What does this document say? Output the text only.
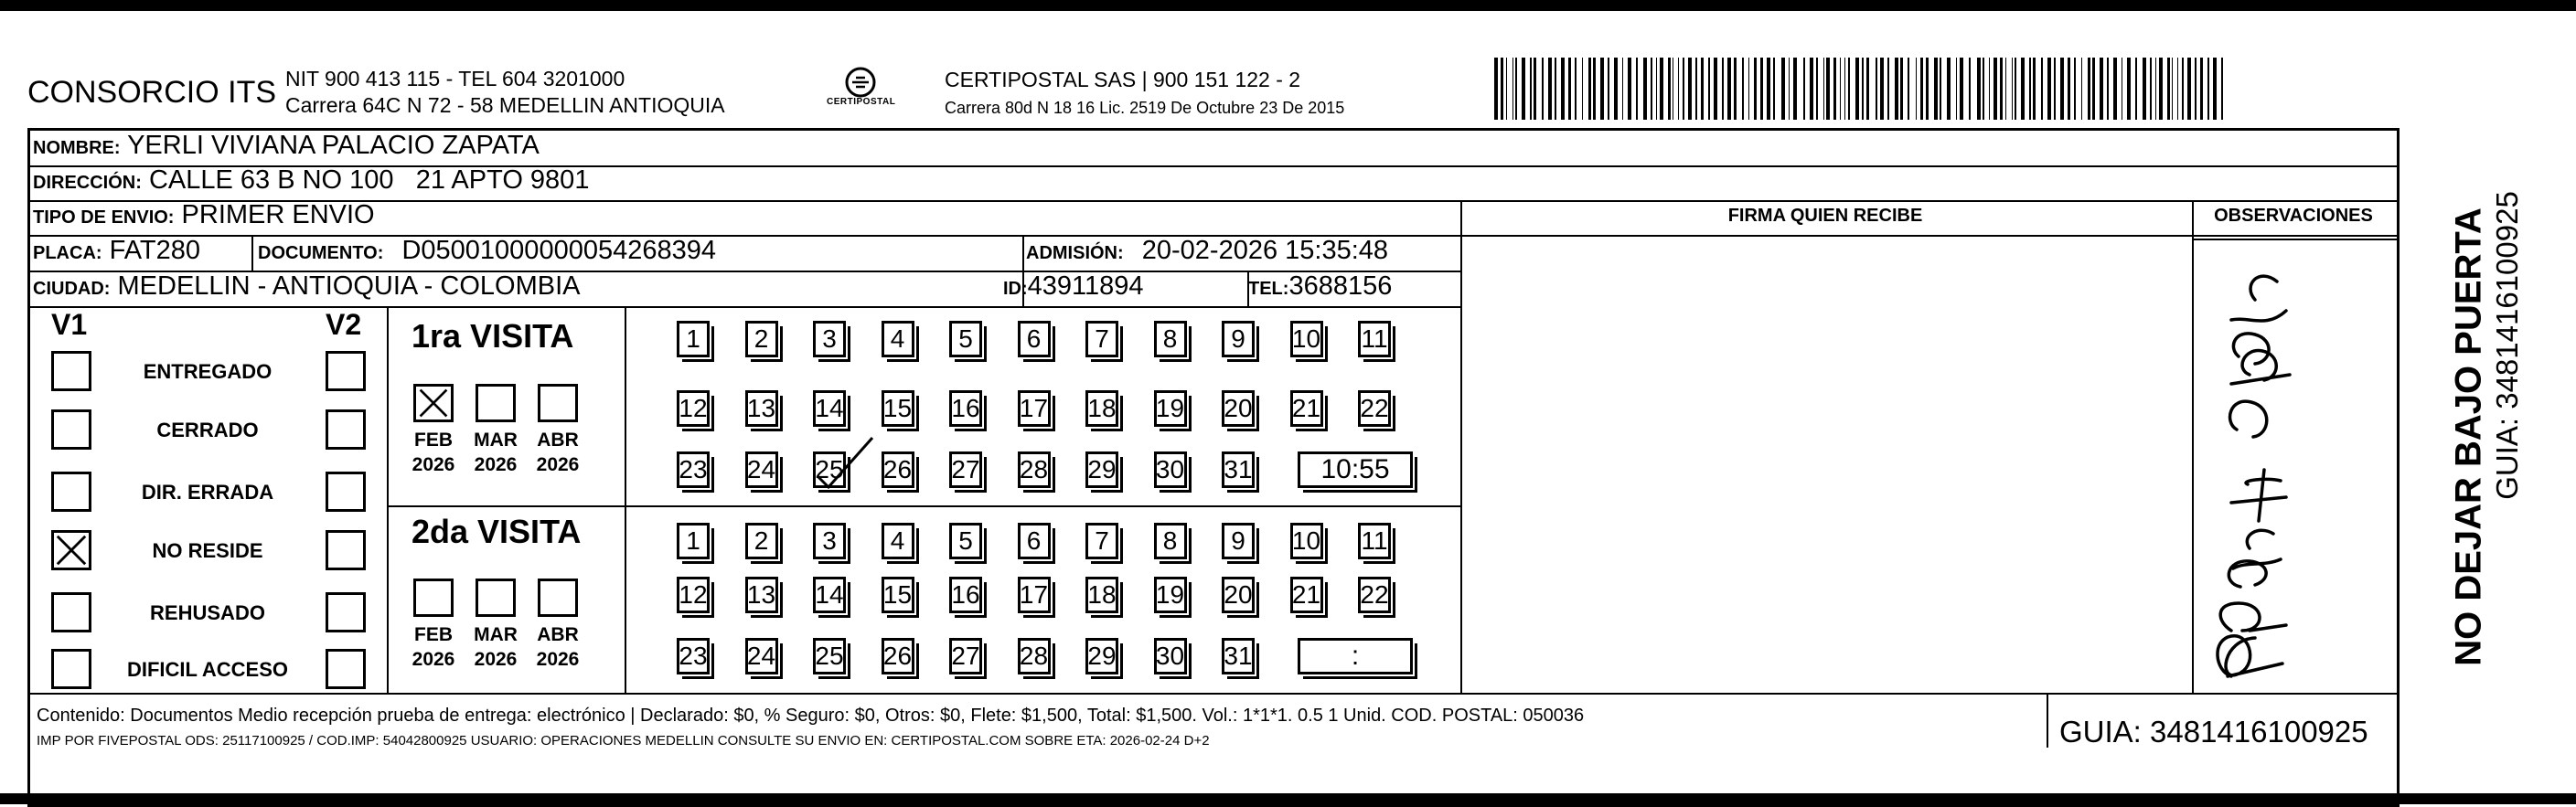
CONSORCIO ITS NIT 900 413 115 - TEL 604 3201000
Carrera 64C N 72 - 58 MEDELLIN ANTIOQUIA	CERTIPOSTAL
CERTIPOSTAL SAS | 900 151 122 - 2
Carrera 80d N 18 16 Lic. 2519 De Octubre 23 De 2015
NOMBRE: YERLI VIVIANA PALACIO ZAPATA
DIRECCIÓN: CALLE 63 B NO 100   21 APTO 9801
TIPO DE ENVIO: PRIMER ENVIO	FIRMA QUIEN RECIBE	OBSERVACIONES
PLACA: FAT280	DOCUMENTO: D05001000000054268394	ADMISIÓN: 20-02-2026 15:35:48
CIUDAD: MEDELLIN - ANTIOQUIA - COLOMBIA	ID:43911894	TEL:3688156
V1	V2 1ra VISITA
2da VISITA
Contenido: Documentos Medio recepción prueba de entrega: electrónico | Declarado: $0, % Seguro: $0, Otros: $0, Flete: $1,500, Total: $1,500. Vol.: 1*1*1. 0.5 1 Unid. COD. POSTAL: 050036
IMP POR FIVEPOSTAL ODS: 25117100925 / COD.IMP: 54042800925 USUARIO: OPERACIONES MEDELLIN CONSULTE SU ENVIO EN: CERTIPOSTAL.COM SOBRE ETA: 2026-02-24 D+2	GUIA: 3481416100925
NO DEJAR BAJO PUERTA GUIA: 3481416100925
ENTREGADO
CERRADO
DIR. ERRADA
NO RESIDE
REHUSADO
DIFICIL ACCESO
FEB
2026
MAR
2026
ABR
2026
FEB
2026
MAR
2026
ABR
2026
1	2	3	4	5	6	7	8	9	10 11
12 13 14 15 16 17 18 19 20 21 22
23 24 25 26 27 28 29 30 31	10:55
1	2	3	4	5	6	7	8	9	10 11
12 13 14 15 16 17 18 19 20 21 22
23 24 25 26 27 28 29 30 31	:
